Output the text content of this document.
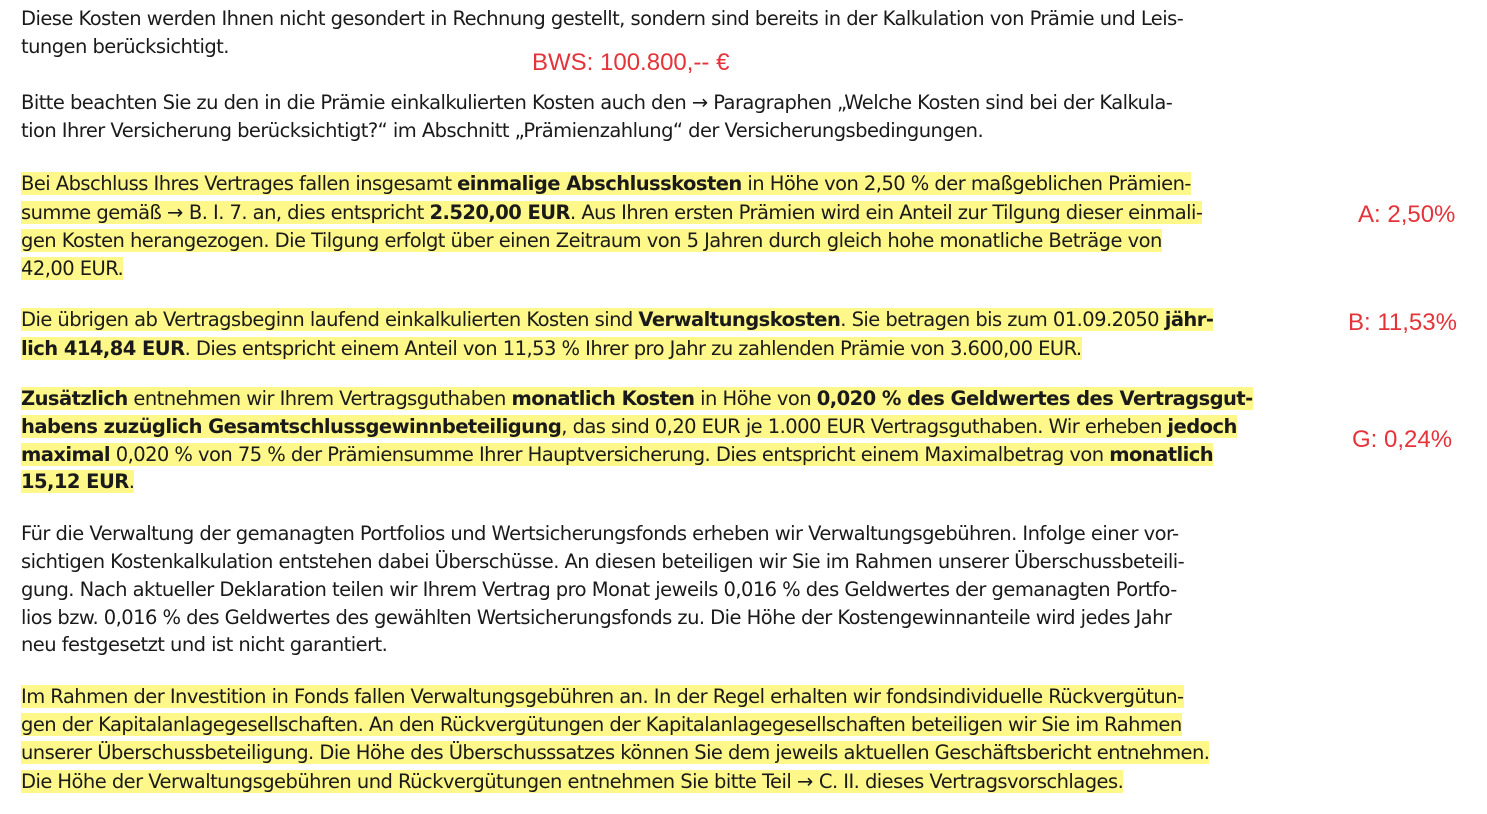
Diese Kosten werden Ihnen nicht gesondert in Rechnung gestellt, sondern sind bereits in der Kalkulation von Prämie und Leis-
tungen berücksichtigt.
BWS: 100.800,-- €
Bitte beachten Sie zu den in die Prämie einkalkulierten Kosten auch den → Paragraphen „Welche Kosten sind bei der Kalkula-
tion Ihrer Versicherung berücksichtigt?“ im Abschnitt „Prämienzahlung“ der Versicherungsbedingungen.
Bei Abschluss Ihres Vertrages fallen insgesamt einmalige Abschlusskosten in Höhe von 2,50 % der maßgeblichen Prämien-
summe gemäß → B. I. 7. an, dies entspricht 2.520,00 EUR. Aus Ihren ersten Prämien wird ein Anteil zur Tilgung dieser einmali-
gen Kosten herangezogen. Die Tilgung erfolgt über einen Zeitraum von 5 Jahren durch gleich hohe monatliche Beträge von
42,00 EUR.
A: 2,50%
Die übrigen ab Vertragsbeginn laufend einkalkulierten Kosten sind Verwaltungskosten. Sie betragen bis zum 01.09.2050 jähr-
lich 414,84 EUR. Dies entspricht einem Anteil von 11,53 % Ihrer pro Jahr zu zahlenden Prämie von 3.600,00 EUR.
B: 11,53%
Zusätzlich entnehmen wir Ihrem Vertragsguthaben monatlich Kosten in Höhe von 0,020 % des Geldwertes des Vertragsgut-
habens zuzüglich Gesamtschlussgewinnbeteiligung, das sind 0,20 EUR je 1.000 EUR Vertragsguthaben. Wir erheben jedoch
maximal 0,020 % von 75 % der Prämiensumme Ihrer Hauptversicherung. Dies entspricht einem Maximalbetrag von monatlich
15,12 EUR.
G: 0,24%
Für die Verwaltung der gemanagten Portfolios und Wertsicherungsfonds erheben wir Verwaltungsgebühren. Infolge einer vor-
sichtigen Kostenkalkulation entstehen dabei Überschüsse. An diesen beteiligen wir Sie im Rahmen unserer Überschussbeteili-
gung. Nach aktueller Deklaration teilen wir Ihrem Vertrag pro Monat jeweils 0,016 % des Geldwertes der gemanagten Portfo-
lios bzw. 0,016 % des Geldwertes des gewählten Wertsicherungsfonds zu. Die Höhe der Kostengewinnanteile wird jedes Jahr
neu festgesetzt und ist nicht garantiert.
Im Rahmen der Investition in Fonds fallen Verwaltungsgebühren an. In der Regel erhalten wir fondsindividuelle Rückvergütun-
gen der Kapitalanlagegesellschaften. An den Rückvergütungen der Kapitalanlagegesellschaften beteiligen wir Sie im Rahmen
unserer Überschussbeteiligung. Die Höhe des Überschusssatzes können Sie dem jeweils aktuellen Geschäftsbericht entnehmen.
Die Höhe der Verwaltungsgebühren und Rückvergütungen entnehmen Sie bitte Teil → C. II. dieses Vertragsvorschlages.
